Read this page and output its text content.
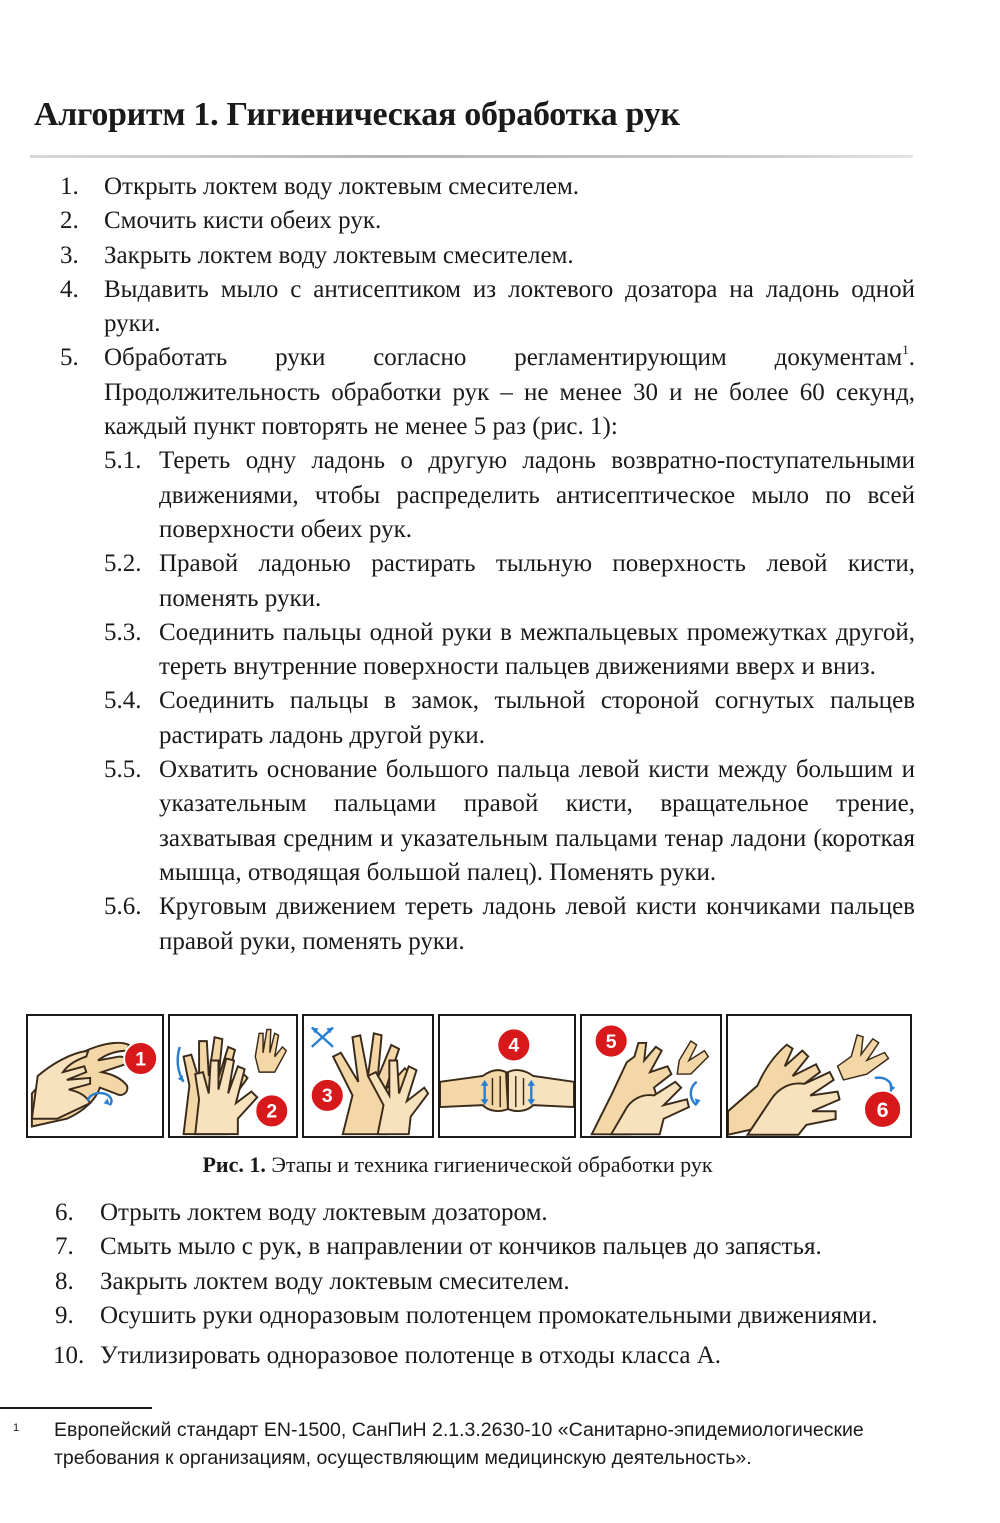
Алгоритм 1. Гигиеническая обработка рук
1. Открыть локтем воду локтевым смесителем.
2. Смочить кисти обеих рук.
3. Закрыть локтем воду локтевым смесителем.
4. Выдавить мыло с антисептиком из локтевого дозатора на ладонь одной руки.
5. Обработать руки согласно регламентирующим документам$^1$. Продолжительность обработки рук – не менее 30 и не более 60 секунд, каждый пункт повторять не менее 5 раз (рис. 1):
5.1. Тереть одну ладонь о другую ладонь возвратно-поступательными движениями, чтобы распределить антисептическое мыло по всей поверхности обеих рук.
5.2. Правой ладонью растирать тыльную поверхность левой кисти, поменять руки.
5.3. Соединить пальцы одной руки в межпальцевых промежутках другой, тереть внутренние поверхности пальцев движениями вверх и вниз.
5.4. Соединить пальцы в замок, тыльной стороной согнутых пальцев растирать ладонь другой руки.
5.5. Охватить основание большого пальца левой кисти между большим и указательным пальцами правой кисти, вращательное трение, захватывая средним и указательным пальцами тенар ладони (короткая мышца, отводящая большой палец). Поменять руки.
5.6. Круговым движением тереть ладонь левой кисти кончиками пальцев правой руки, поменять руки.
1
2
3
4	5
6
Рис. 1. Этапы и техника гигиенической обработки рук
6. Отрыть локтем воду локтевым дозатором.
7. Смыть мыло с рук, в направлении от кончиков пальцев до запястья.
8. Закрыть локтем воду локтевым смесителем.
9. Осушить руки одноразовым полотенцем промокательными движениями.
10. Утилизировать одноразовое полотенце в отходы класса А.
1	Европейский стандарт EN-1500, СанПиН 2.1.3.2630-10 «Санитарно-эпидемиологические требования к организациям, осуществляющим медицинскую деятельность».
